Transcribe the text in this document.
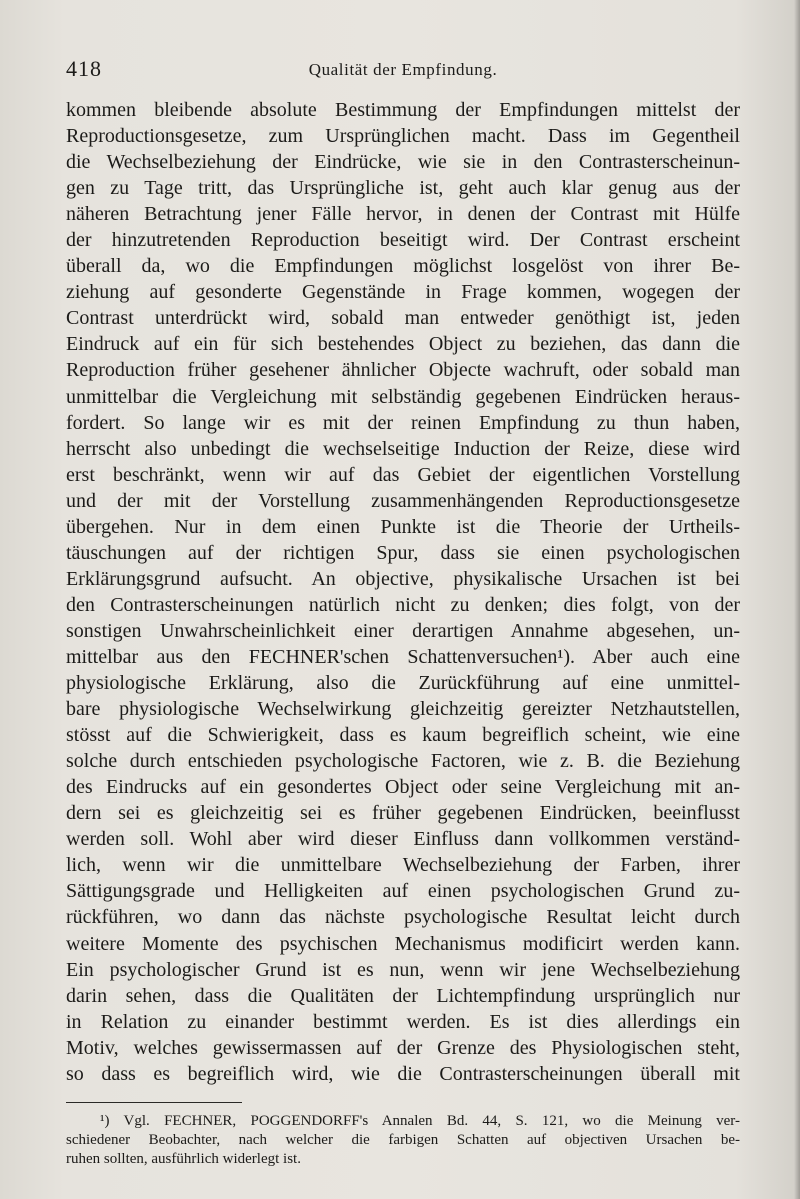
418	Qualität der Empfindung.
kommen bleibende absolute Bestimmung der Empfindungen mittelst der
Reproductionsgesetze, zum Ursprünglichen macht. Dass im Gegentheil
die Wechselbeziehung der Eindrücke, wie sie in den Contrasterscheinun-
gen zu Tage tritt, das Ursprüngliche ist, geht auch klar genug aus der
näheren Betrachtung jener Fälle hervor, in denen der Contrast mit Hülfe
der hinzutretenden Reproduction beseitigt wird. Der Contrast erscheint
überall da, wo die Empfindungen möglichst losgelöst von ihrer Be-
ziehung auf gesonderte Gegenstände in Frage kommen, wogegen der
Contrast unterdrückt wird, sobald man entweder genöthigt ist, jeden
Eindruck auf ein für sich bestehendes Object zu beziehen, das dann die
Reproduction früher gesehener ähnlicher Objecte wachruft, oder sobald man
unmittelbar die Vergleichung mit selbständig gegebenen Eindrücken heraus-
fordert. So lange wir es mit der reinen Empfindung zu thun haben,
herrscht also unbedingt die wechselseitige Induction der Reize, diese wird
erst beschränkt, wenn wir auf das Gebiet der eigentlichen Vorstellung
und der mit der Vorstellung zusammenhängenden Reproductionsgesetze
übergehen. Nur in dem einen Punkte ist die Theorie der Urtheils-
täuschungen auf der richtigen Spur, dass sie einen psychologischen
Erklärungsgrund aufsucht. An objective, physikalische Ursachen ist bei
den Contrasterscheinungen natürlich nicht zu denken; dies folgt, von der
sonstigen Unwahrscheinlichkeit einer derartigen Annahme abgesehen, un-
mittelbar aus den FECHNER'schen Schattenversuchen¹). Aber auch eine
physiologische Erklärung, also die Zurückführung auf eine unmittel-
bare physiologische Wechselwirkung gleichzeitig gereizter Netzhautstellen,
stösst auf die Schwierigkeit, dass es kaum begreiflich scheint, wie eine
solche durch entschieden psychologische Factoren, wie z. B. die Beziehung
des Eindrucks auf ein gesondertes Object oder seine Vergleichung mit an-
dern sei es gleichzeitig sei es früher gegebenen Eindrücken, beeinflusst
werden soll. Wohl aber wird dieser Einfluss dann vollkommen verständ-
lich, wenn wir die unmittelbare Wechselbeziehung der Farben, ihrer
Sättigungsgrade und Helligkeiten auf einen psychologischen Grund zu-
rückführen, wo dann das nächste psychologische Resultat leicht durch
weitere Momente des psychischen Mechanismus modificirt werden kann.
Ein psychologischer Grund ist es nun, wenn wir jene Wechselbeziehung
darin sehen, dass die Qualitäten der Lichtempfindung ursprünglich nur
in Relation zu einander bestimmt werden. Es ist dies allerdings ein
Motiv, welches gewissermassen auf der Grenze des Physiologischen steht,
so dass es begreiflich wird, wie die Contrasterscheinungen überall mit
¹) Vgl. FECHNER, POGGENDORFF's Annalen Bd. 44, S. 121, wo die Meinung ver-
schiedener Beobachter, nach welcher die farbigen Schatten auf objectiven Ursachen be-
ruhen sollten, ausführlich widerlegt ist.
